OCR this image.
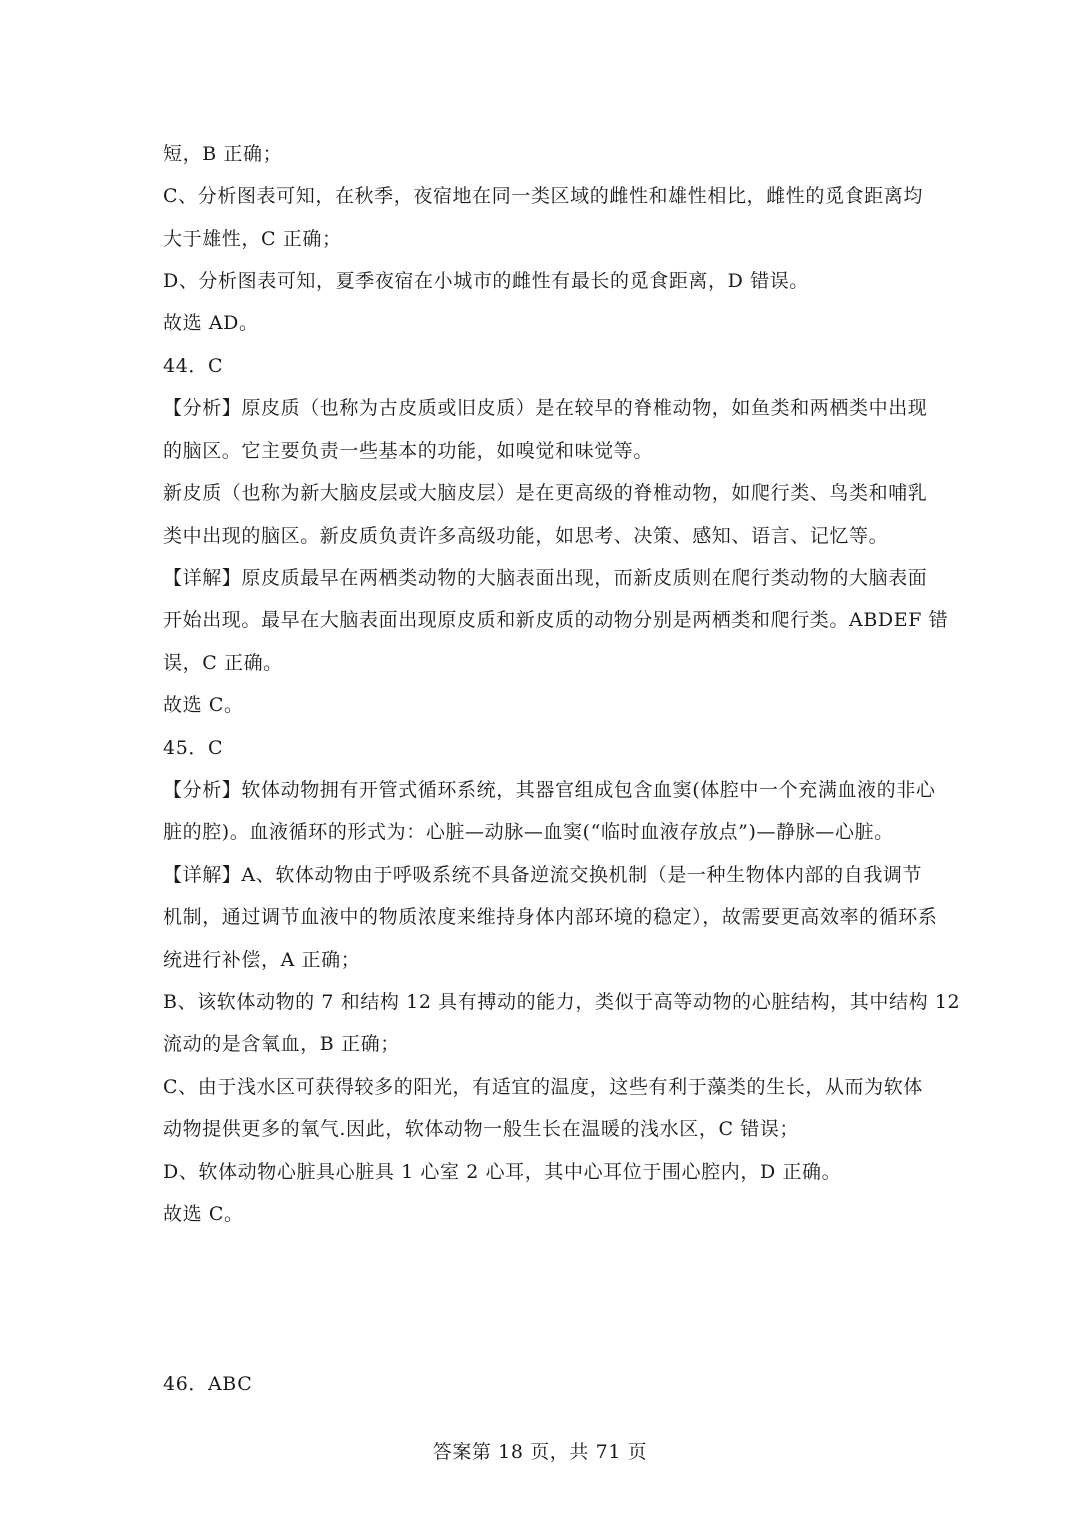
短，B 正确；
C、分析图表可知，在秋季，夜宿地在同一类区域的雌性和雄性相比，雌性的觅食距离均
大于雄性，C 正确；
D、分析图表可知，夏季夜宿在小城市的雌性有最长的觅食距离，D 错误。
故选 AD。
44．C
【分析】原皮质（也称为古皮质或旧皮质）是在较早的脊椎动物，如鱼类和两栖类中出现
的脑区。它主要负责一些基本的功能，如嗅觉和味觉等。
新皮质（也称为新大脑皮层或大脑皮层）是在更高级的脊椎动物，如爬行类、鸟类和哺乳
类中出现的脑区。新皮质负责许多高级功能，如思考、决策、感知、语言、记忆等。
【详解】原皮质最早在两栖类动物的大脑表面出现，而新皮质则在爬行类动物的大脑表面
开始出现。最早在大脑表面出现原皮质和新皮质的动物分别是两栖类和爬行类。ABDEF 错
误，C 正确。
故选 C。
45．C
【分析】软体动物拥有开管式循环系统，其器官组成包含血窦(体腔中一个充满血液的非心
脏的腔)。血液循环的形式为：心脏—动脉—血窦(“临时血液存放点”)—静脉—心脏。
【详解】A、软体动物由于呼吸系统不具备逆流交换机制（是一种生物体内部的自我调节
机制，通过调节血液中的物质浓度来维持身体内部环境的稳定），故需要更高效率的循环系
统进行补偿，A 正确；
B、该软体动物的 7 和结构 12 具有搏动的能力，类似于高等动物的心脏结构，其中结构 12
流动的是含氧血，B 正确；
C、由于浅水区可获得较多的阳光，有适宜的温度，这些有利于藻类的生长，从而为软体
动物提供更多的氧气.因此，软体动物一般生长在温暖的浅水区，C 错误；
D、软体动物心脏具心脏具 1 心室 2 心耳，其中心耳位于围心腔内，D 正确。
故选 C。
46．ABC
答案第 18 页，共 71 页
